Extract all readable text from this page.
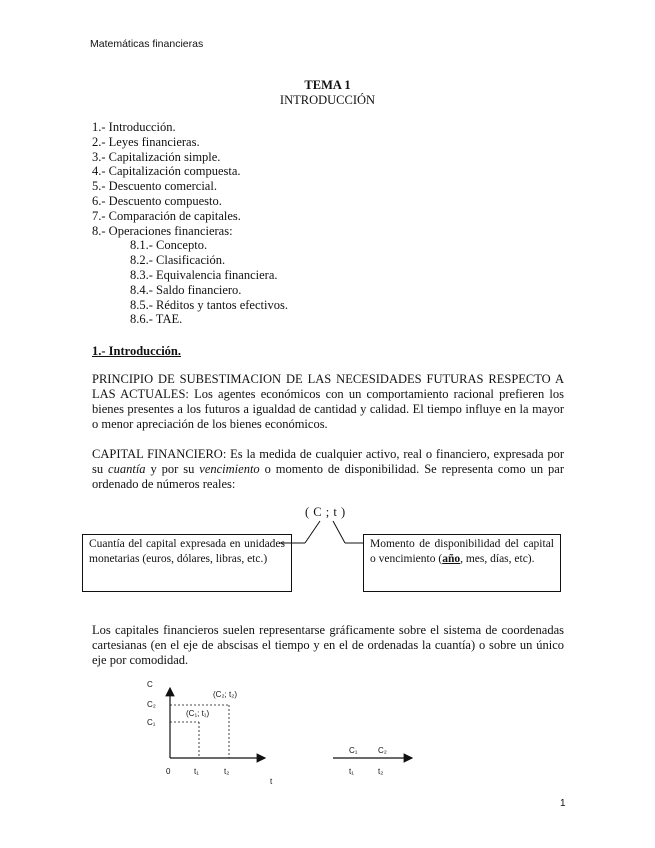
Matemáticas financieras
TEMA 1
INTRODUCCIÓN
1.- Introducción.
2.- Leyes financieras.
3.- Capitalización simple.
4.- Capitalización compuesta.
5.- Descuento comercial.
6.- Descuento compuesto.
7.- Comparación de capitales.
8.- Operaciones financieras:
8.1.- Concepto.
8.2.- Clasificación.
8.3.- Equivalencia financiera.
8.4.- Saldo financiero.
8.5.- Réditos y tantos efectivos.
8.6.- TAE.
1.- Introducción.
PRINCIPIO DE SUBESTIMACION DE LAS NECESIDADES FUTURAS RESPECTO A LAS ACTUALES: Los agentes económicos con un comportamiento racional prefieren los bienes presentes a los futuros a igualdad de cantidad y calidad. El tiempo influye en la mayor o menor apreciación de los bienes económicos.
CAPITAL FINANCIERO: Es la medida de cualquier activo, real o financiero, expresada por su cuantía y por su vencimiento o momento de disponibilidad. Se representa como un par ordenado de números reales:
( C ; t )
Cuantía del capital expresada en unidades monetarias (euros, dólares, libras, etc.)
Momento de disponibilidad del capital o vencimiento (año, mes, días, etc).
Los capitales financieros suelen representarse gráficamente sobre el sistema de coordenadas cartesianas (en el eje de abscisas el tiempo y en el de ordenadas la cuantía) o sobre un único eje por comodidad.
C
C₂
C₁
(C₂; t₂)
(C₁; t₁)
0	t₁	t₂
t
C₁	C₂
t₁	t₂
1
